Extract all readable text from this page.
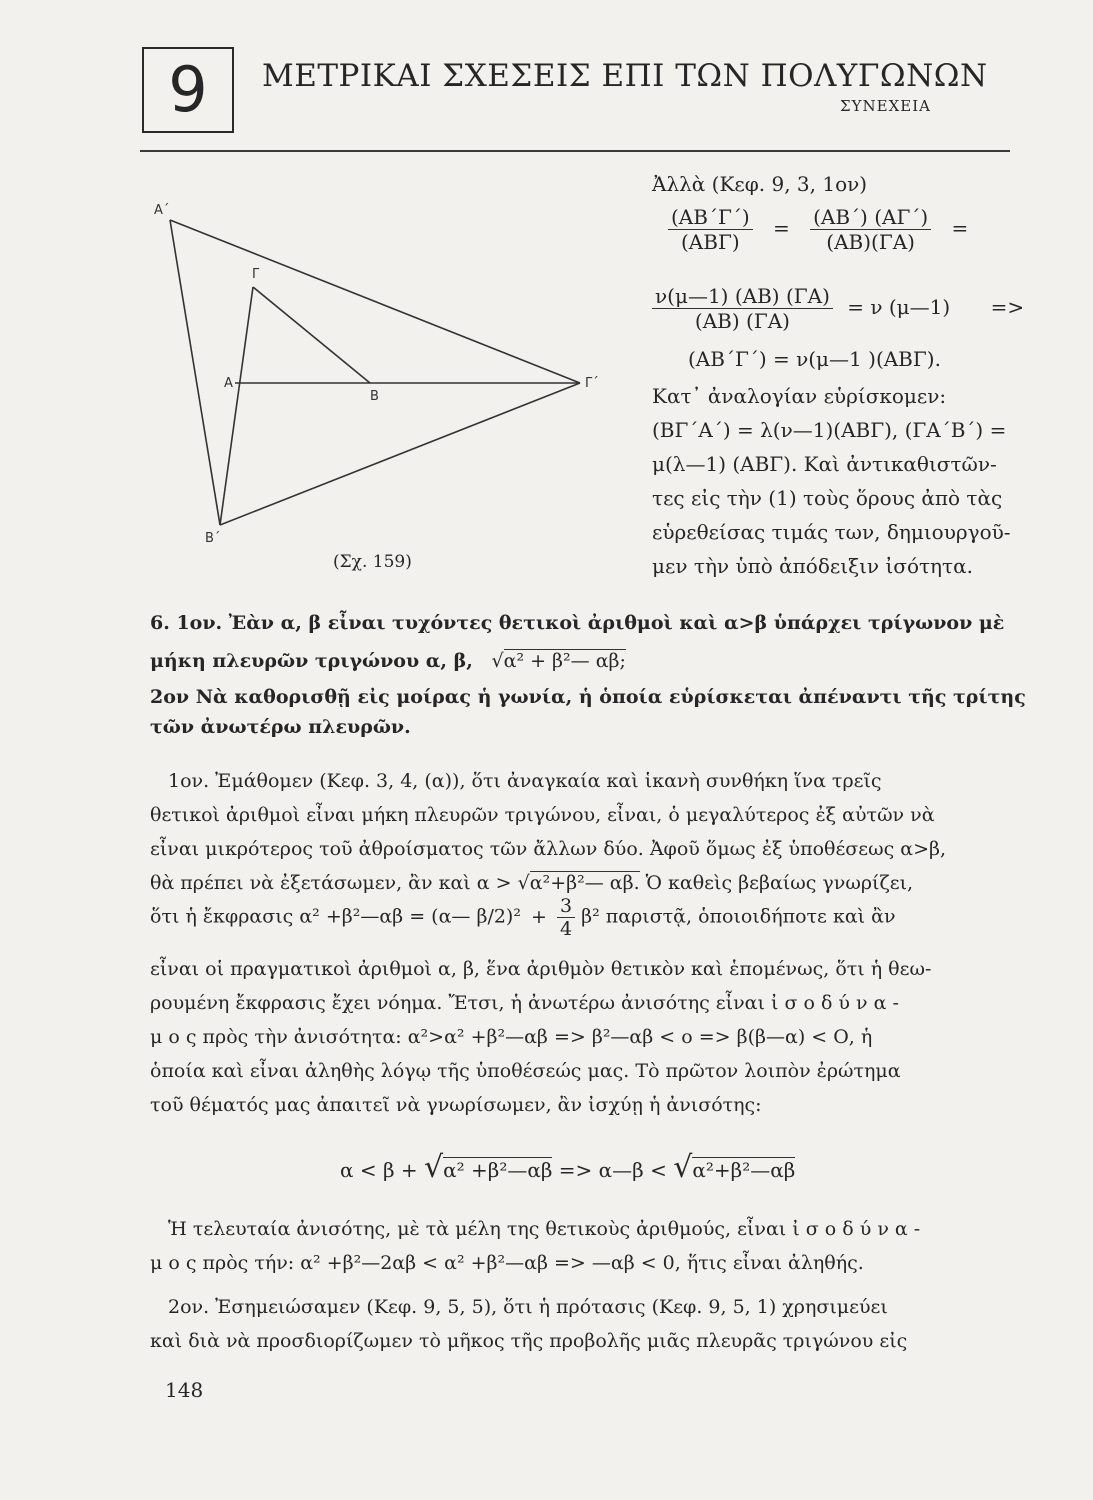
9 ΜΕΤΡΙΚΑΙ ΣΧΕΣΕΙΣ ΕΠΙ ΤΩΝ ΠΟΛΥΓΩΝΩΝ
ΣΥΝΕΧΕΙΑ
Α΄
Γ
Α
Β
Γ΄
Β΄
(Σχ. 159)
Ἀλλὰ (Κεφ. 9, 3, 1ον)
$\frac{(AB΄\Gamma΄)}{\text{(ΑΒΓ)}} = \frac{(AB΄) (A\Gamma΄)}{(AB)(\Gamma A)}$ =
$\frac{\nu(\mu—1) (AB) (\Gamma A)}{(AB) (\Gamma A)} = \nu$ (μ—1) =>
(ΑΒ΄Γ΄) = ν(μ—1 )(ΑΒΓ).
Κατ᾽ ἀναλογίαν εὑρίσκομεν:
(ΒΓ΄Α΄) = λ(ν—1)(ΑΒΓ), (ΓΑ΄Β΄) =
μ(λ—1) (ΑΒΓ). Καὶ ἀντικαθιστῶν-
τες εἰς τὴν (1) τοὺς ὅρους ἀπὸ τὰς
εὑρεθείσας τιμάς των, δημιουργοῦ-
μεν τὴν ὑπὸ ἀπόδειξιν ἰσότητα.
6. 1ον. Ἐὰν α, β εἶναι τυχόντες θετικοὶ ἀριθμοὶ καὶ α>β ὑπάρχει τρίγωνον μὲ
μήκη πλευρῶν τριγώνου α, β, √α² + β²— αβ;
2ον Νὰ καθορισθῇ εἰς μοίρας ἡ γωνία, ἡ ὁποία εὑρίσκεται ἀπέναντι τῆς τρίτης
τῶν ἀνωτέρω πλευρῶν.
1ον. Ἐμάθομεν (Κεφ. 3, 4, (α)), ὅτι ἀναγκαία καὶ ἱκανὴ συνθήκη ἵνα τρεῖς
θετικοὶ ἀριθμοὶ εἶναι μήκη πλευρῶν τριγώνου, εἶναι, ὁ μεγαλύτερος ἐξ αὐτῶν νὰ
εἶναι μικρότερος τοῦ ἀθροίσματος τῶν ἄλλων δύο. Ἀφοῦ ὅμως ἐξ ὑποθέσεως α>β,
θὰ πρέπει νὰ ἐξετάσωμεν, ἂν καὶ α > √α²+β²— αβ. Ὁ καθεὶς βεβαίως γνωρίζει,
ὅτι ἡ ἔκφρασις α² +β²—αβ = (α— $\beta/2)^2 + \frac{3}{4} \beta^2$ παριστᾷ, ὁποιοιδήποτε καὶ ἂν
εἶναι οἱ πραγματικοὶ ἀριθμοὶ α, β, ἕνα ἀριθμὸν θετικὸν καὶ ἑπομένως, ὅτι ἡ θεω-
ρουμένη ἔκφρασις ἔχει νόημα. Ἔτσι, ἡ ἀνωτέρω ἀνισότης εἶναι ἰ σ ο δ ύ ν α -
μ ο ς πρὸς τὴν ἀνισότητα: α²>α² +β²—αβ => β²—αβ < ο => β(β—α) < Ο, ἡ
ὁποία καὶ εἶναι ἀληθὴς λόγῳ τῆς ὑποθέσεώς μας. Τὸ πρῶτον λοιπὸν ἐρώτημα
τοῦ θέματός μας ἀπαιτεῖ νὰ γνωρίσωμεν, ἂν ἰσχύῃ ἡ ἀνισότης:
α < β + √α² +β²—αβ => α—β < √α²+β²—αβ
Ἡ τελευταία ἀνισότης, μὲ τὰ μέλη της θετικοὺς ἀριθμούς, εἶναι ἰ σ ο δ ύ ν α -
μ ο ς πρὸς τήν: α² +β²—2αβ < α² +β²—αβ => —αβ < 0, ἥτις εἶναι ἀληθής.
2ον. Ἐσημειώσαμεν (Κεφ. 9, 5, 5), ὅτι ἡ πρότασις (Κεφ. 9, 5, 1) χρησιμεύει
καὶ διὰ νὰ προσδιορίζωμεν τὸ μῆκος τῆς προβολῆς μιᾶς πλευρᾶς τριγώνου εἰς
148
